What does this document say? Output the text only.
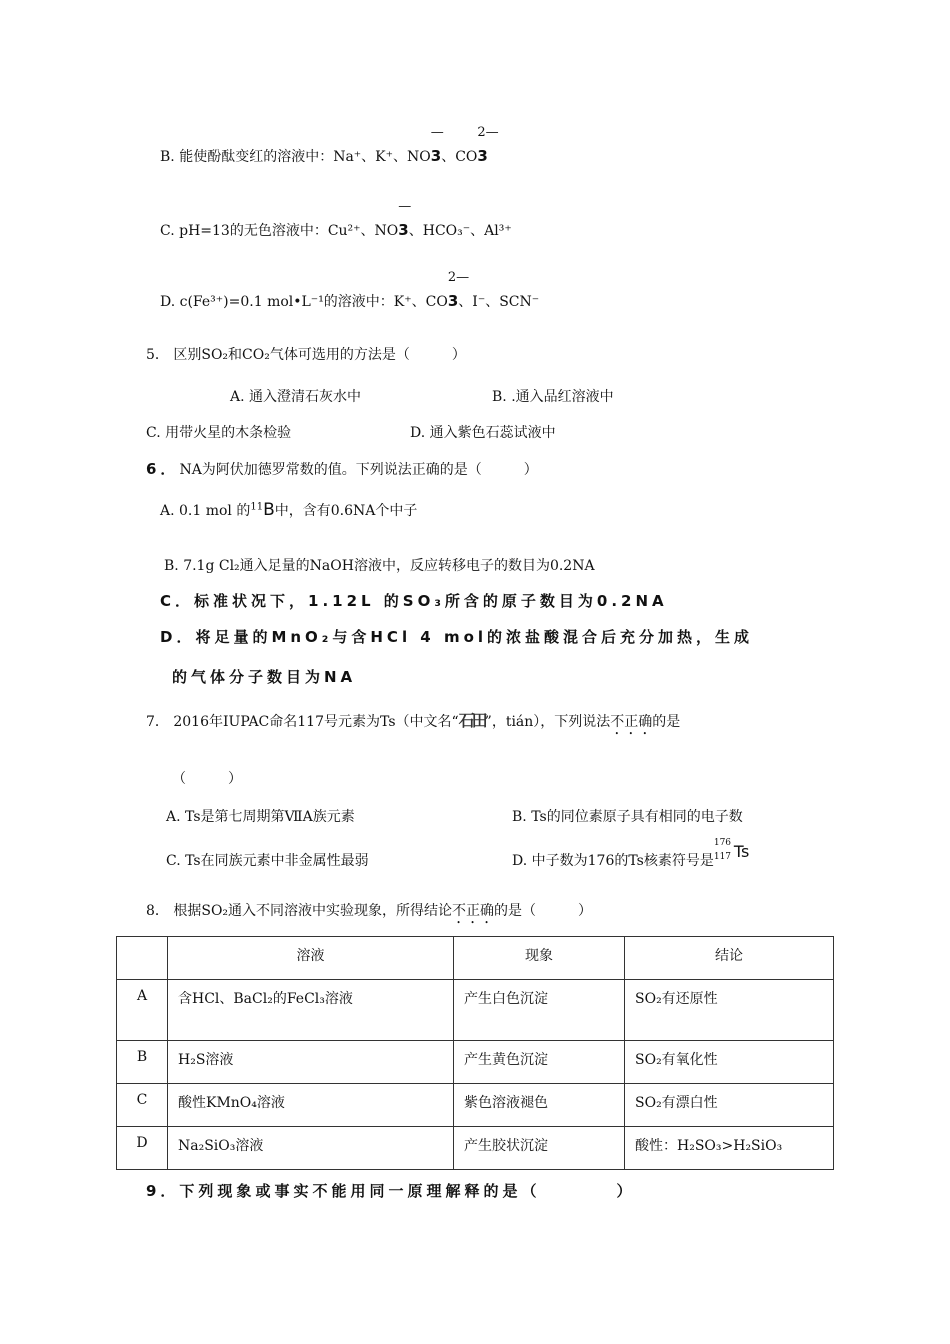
B. 能使酚酞变红的溶液中：Na⁺、K⁺、NO
—
3、CO
2—
3
C. pH=13的无色溶液中：Cu²⁺、NO
—
3、HCO₃⁻、Al³⁺
D. c(Fe³⁺)=0.1 mol•L⁻¹的溶液中：K⁺、CO
2—
3、I⁻、SCN⁻
5． 区别SO₂和CO₂气体可选用的方法是（　　　）
A. 通入澄清石灰水中	B. .通入品红溶液中
C. 用带火星的木条检验	D. 通入紫色石蕊试液中
6．NA为阿伏加德罗常数的值。下列说法正确的是（　　　）
A. 0.1 mol 的$^{11}$B中，含有0.6NA个中子
B. 7.1g Cl₂通入足量的NaOH溶液中，反应转移电子的数目为0.2NA
C．标准状况下，1.12L 的SO₃所含的原子数目为0.2NA
D．将足量的MnO₂与含HCl 4 mol的浓盐酸混合后充分加热，生成
的气体分子数目为NA
7． 2016年IUPAC命名117号元素为Ts（中文名“石田”，tián），下列说法不正确的是
（　　　）
A. Ts是第七周期第ⅦA族元素	B. Ts的同位素原子具有相同的电子数
C. Ts在同族元素中非金属性最弱	D. 中子数为176的Ts核素符号是
176
117 Ts
8． 根据SO₂通入不同溶液中实验现象，所得结论不正确的是（　　　）
	溶液	现象	结论
A	含HCl、BaCl₂的FeCl₃溶液	产生白色沉淀	SO₂有还原性
B	H₂S溶液	产生黄色沉淀	SO₂有氧化性
C	酸性KMnO₄溶液	紫色溶液褪色	SO₂有漂白性
D	Na₂SiO₃溶液	产生胶状沉淀	酸性：H₂SO₃>H₂SiO₃
9．下列现象或事实不能用同一原理解释的是（　　　　）
